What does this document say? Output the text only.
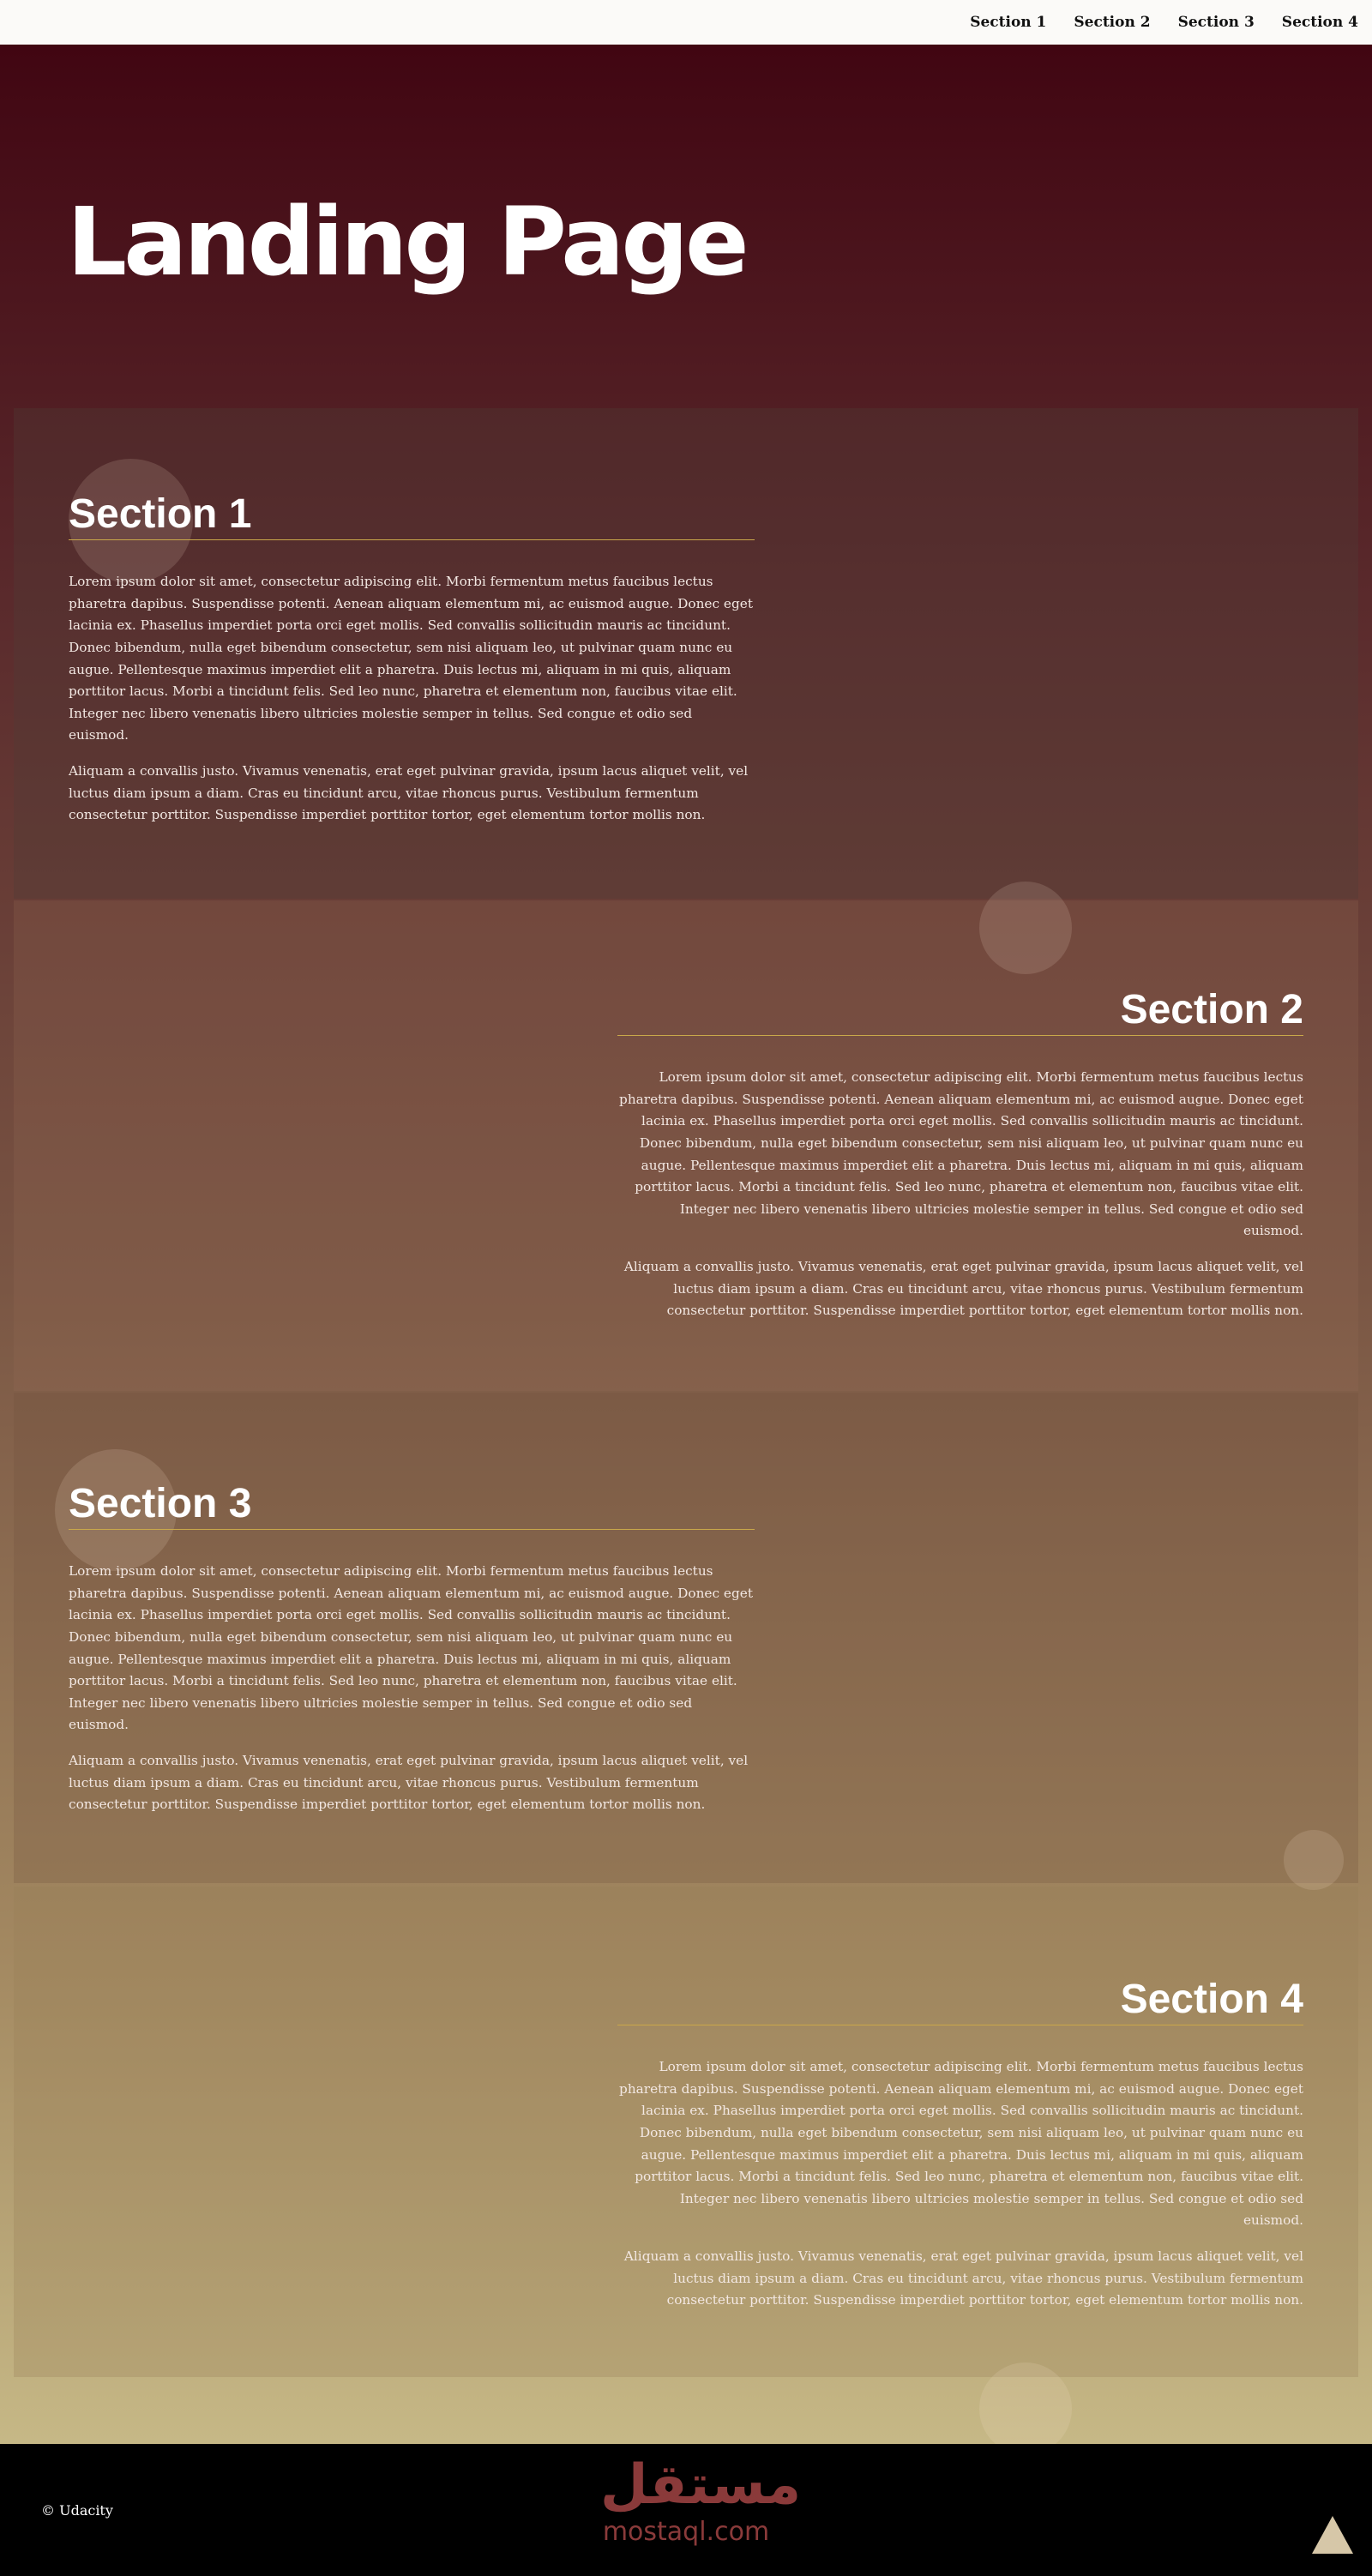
Section 1 Section 2 Section 3 Section 4
Landing Page
Section 1

Lorem ipsum dolor sit amet, consectetur adipiscing elit. Morbi fermentum metus faucibus lectus pharetra dapibus. Suspendisse potenti. Aenean aliquam elementum mi, ac euismod augue. Donec eget lacinia ex. Phasellus imperdiet porta orci eget mollis. Sed convallis sollicitudin mauris ac tincidunt. Donec bibendum, nulla eget bibendum consectetur, sem nisi aliquam leo, ut pulvinar quam nunc eu augue. Pellentesque maximus imperdiet elit a pharetra. Duis lectus mi, aliquam in mi quis, aliquam porttitor lacus. Morbi a tincidunt felis. Sed leo nunc, pharetra et elementum non, faucibus vitae elit. Integer nec libero venenatis libero ultricies molestie semper in tellus. Sed congue et odio sed euismod.

Aliquam a convallis justo. Vivamus venenatis, erat eget pulvinar gravida, ipsum lacus aliquet velit, vel luctus diam ipsum a diam. Cras eu tincidunt arcu, vitae rhoncus purus. Vestibulum fermentum consectetur porttitor. Suspendisse imperdiet porttitor tortor, eget elementum tortor mollis non.

Section 2

Lorem ipsum dolor sit amet, consectetur adipiscing elit. Morbi fermentum metus faucibus lectus pharetra dapibus. Suspendisse potenti. Aenean aliquam elementum mi, ac euismod augue. Donec eget lacinia ex. Phasellus imperdiet porta orci eget mollis. Sed convallis sollicitudin mauris ac tincidunt. Donec bibendum, nulla eget bibendum consectetur, sem nisi aliquam leo, ut pulvinar quam nunc eu augue. Pellentesque maximus imperdiet elit a pharetra. Duis lectus mi, aliquam in mi quis, aliquam porttitor lacus. Morbi a tincidunt felis. Sed leo nunc, pharetra et elementum non, faucibus vitae elit. Integer nec libero venenatis libero ultricies molestie semper in tellus. Sed congue et odio sed euismod.

Aliquam a convallis justo. Vivamus venenatis, erat eget pulvinar gravida, ipsum lacus aliquet velit, vel luctus diam ipsum a diam. Cras eu tincidunt arcu, vitae rhoncus purus. Vestibulum fermentum consectetur porttitor. Suspendisse imperdiet porttitor tortor, eget elementum tortor mollis non.

Section 3

Lorem ipsum dolor sit amet, consectetur adipiscing elit. Morbi fermentum metus faucibus lectus pharetra dapibus. Suspendisse potenti. Aenean aliquam elementum mi, ac euismod augue. Donec eget lacinia ex. Phasellus imperdiet porta orci eget mollis. Sed convallis sollicitudin mauris ac tincidunt. Donec bibendum, nulla eget bibendum consectetur, sem nisi aliquam leo, ut pulvinar quam nunc eu augue. Pellentesque maximus imperdiet elit a pharetra. Duis lectus mi, aliquam in mi quis, aliquam porttitor lacus. Morbi a tincidunt felis. Sed leo nunc, pharetra et elementum non, faucibus vitae elit. Integer nec libero venenatis libero ultricies molestie semper in tellus. Sed congue et odio sed euismod.

Aliquam a convallis justo. Vivamus venenatis, erat eget pulvinar gravida, ipsum lacus aliquet velit, vel luctus diam ipsum a diam. Cras eu tincidunt arcu, vitae rhoncus purus. Vestibulum fermentum consectetur porttitor. Suspendisse imperdiet porttitor tortor, eget elementum tortor mollis non.

Section 4

Lorem ipsum dolor sit amet, consectetur adipiscing elit. Morbi fermentum metus faucibus lectus pharetra dapibus. Suspendisse potenti. Aenean aliquam elementum mi, ac euismod augue. Donec eget lacinia ex. Phasellus imperdiet porta orci eget mollis. Sed convallis sollicitudin mauris ac tincidunt. Donec bibendum, nulla eget bibendum consectetur, sem nisi aliquam leo, ut pulvinar quam nunc eu augue. Pellentesque maximus imperdiet elit a pharetra. Duis lectus mi, aliquam in mi quis, aliquam porttitor lacus. Morbi a tincidunt felis. Sed leo nunc, pharetra et elementum non, faucibus vitae elit. Integer nec libero venenatis libero ultricies molestie semper in tellus. Sed congue et odio sed euismod.

Aliquam a convallis justo. Vivamus venenatis, erat eget pulvinar gravida, ipsum lacus aliquet velit, vel luctus diam ipsum a diam. Cras eu tincidunt arcu, vitae rhoncus purus. Vestibulum fermentum consectetur porttitor. Suspendisse imperdiet porttitor tortor, eget elementum tortor mollis non.

© Udacity	مستقل
mostaql.com
